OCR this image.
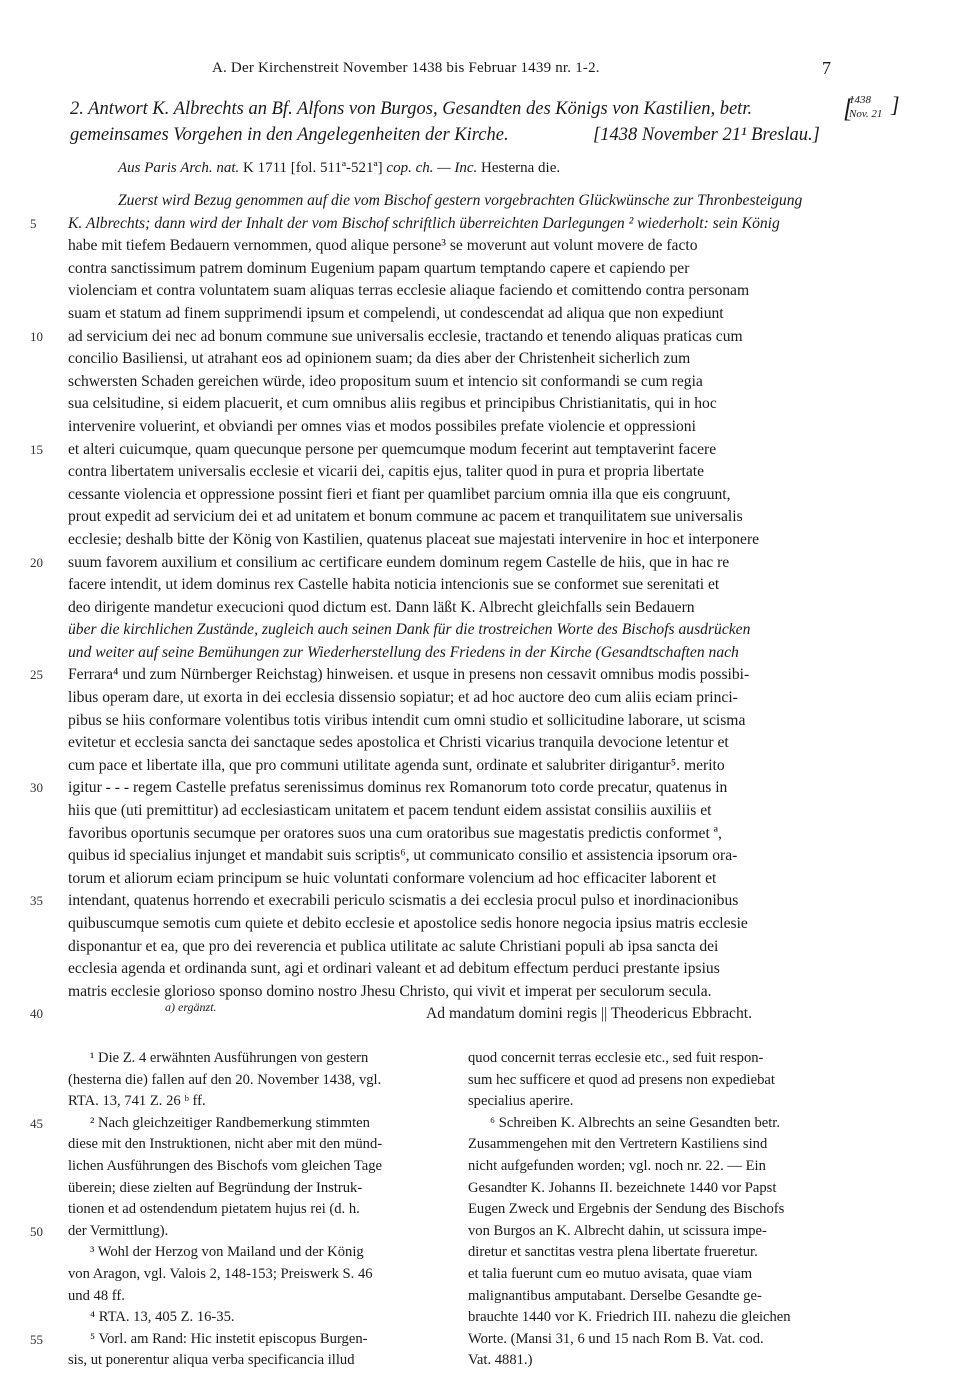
A. Der Kirchenstreit November 1438 bis Februar 1439 nr. 1-2.	7
2. Antwort K. Albrechts an Bf. Alfons von Burgos, Gesandten des Königs von Kastilien, betr.
gemeinsames Vorgehen in den Angelegenheiten der Kirche.	[1438 November 21¹ Breslau.]
[
1438
Nov. 21 ]
Aus Paris Arch. nat. K 1711 [fol. 511ª-521ª] cop. ch. — Inc. Hesterna die.
Zuerst wird Bezug genommen auf die vom Bischof gestern vorgebrachten Glückwünsche zur Thronbesteigung
5	K. Albrechts; dann wird der Inhalt der vom Bischof schriftlich überreichten Darlegungen ² wiederholt: sein König
habe mit tiefem Bedauern vernommen, quod alique persone³ se moverunt aut volunt movere de facto
contra sanctissimum patrem dominum Eugenium papam quartum temptando capere et capiendo per
violenciam et contra voluntatem suam aliquas terras ecclesie aliaque faciendo et comittendo contra personam
suam et statum ad finem supprimendi ipsum et compelendi, ut condescendat ad aliqua que non expediunt
10	ad servicium dei nec ad bonum commune sue universalis ecclesie, tractando et tenendo aliquas praticas cum
concilio Basiliensi, ut atrahant eos ad opinionem suam; da dies aber der Christenheit sicherlich zum
schwersten Schaden gereichen würde, ideo propositum suum et intencio sit conformandi se cum regia
sua celsitudine, si eidem placuerit, et cum omnibus aliis regibus et principibus Christianitatis, qui in hoc
intervenire voluerint, et obviandi per omnes vias et modos possibiles prefate violencie et oppressioni
15	et alteri cuicumque, quam quecunque persone per quemcumque modum fecerint aut temptaverint facere
contra libertatem universalis ecclesie et vicarii dei, capitis ejus, taliter quod in pura et propria libertate
cessante violencia et oppressione possint fieri et fiant per quamlibet parcium omnia illa que eis congruunt,
prout expedit ad servicium dei et ad unitatem et bonum commune ac pacem et tranquilitatem sue universalis
ecclesie; deshalb bitte der König von Kastilien, quatenus placeat sue majestati intervenire in hoc et interponere
20	suum favorem auxilium et consilium ac certificare eundem dominum regem Castelle de hiis, que in hac re
facere intendit, ut idem dominus rex Castelle habita noticia intencionis sue se conformet sue serenitati et
deo dirigente mandetur execucioni quod dictum est. Dann läßt K. Albrecht gleichfalls sein Bedauern
über die kirchlichen Zustände, zugleich auch seinen Dank für die trostreichen Worte des Bischofs ausdrücken
und weiter auf seine Bemühungen zur Wiederherstellung des Friedens in der Kirche (Gesandtschaften nach
25	Ferrara⁴ und zum Nürnberger Reichstag) hinweisen. et usque in presens non cessavit omnibus modis possibi-
libus operam dare, ut exorta in dei ecclesia dissensio sopiatur; et ad hoc auctore deo cum aliis eciam princi-
pibus se hiis conformare volentibus totis viribus intendit cum omni studio et sollicitudine laborare, ut scisma
evitetur et ecclesia sancta dei sanctaque sedes apostolica et Christi vicarius tranquila devocione letentur et
cum pace et libertate illa, que pro communi utilitate agenda sunt, ordinate et salubriter dirigantur⁵. merito
30	igitur - - - regem Castelle prefatus serenissimus dominus rex Romanorum toto corde precatur, quatenus in
hiis que (uti premittitur) ad ecclesiasticam unitatem et pacem tendunt eidem assistat consiliis auxiliis et
favoribus oportunis secumque per oratores suos una cum oratoribus sue magestatis predictis conformet ª,
quibus id specialius injunget et mandabit suis scriptis⁶, ut communicato consilio et assistencia ipsorum ora-
torum et aliorum eciam principum se huic voluntati conformare volencium ad hoc efficaciter laborent et
35	intendant, quatenus horrendo et execrabili periculo scismatis a dei ecclesia procul pulso et inordinacionibus
quibuscumque semotis cum quiete et debito ecclesie et apostolice sedis honore negocia ipsius matris ecclesie
disponantur et ea, que pro dei reverencia et publica utilitate ac salute Christiani populi ab ipsa sancta dei
ecclesia agenda et ordinanda sunt, agi et ordinari valeant et ad debitum effectum perduci prestante ipsius
matris ecclesie glorioso sponso domino nostro Jhesu Christo, qui vivit et imperat per seculorum secula.
40	Ad mandatum domini regis || Theodericus Ebbracht.
a) ergänzt.
¹ Die Z. 4 erwähnten Ausführungen von gestern
(hesterna die) fallen auf den 20. November 1438, vgl.
RTA. 13, 741 Z. 26 ᵇ ff.
45	² Nach gleichzeitiger Randbemerkung stimmten
diese mit den Instruktionen, nicht aber mit den münd-
lichen Ausführungen des Bischofs vom gleichen Tage
überein; diese zielten auf Begründung der Instruk-
tionen et ad ostendendum pietatem hujus rei (d. h.
50 der Vermittlung).
³ Wohl der Herzog von Mailand und der König
von Aragon, vgl. Valois 2, 148-153; Preiswerk S. 46
und 48 ff.
⁴ RTA. 13, 405 Z. 16-35.
55	⁵ Vorl. am Rand: Hic instetit episcopus Burgen-
sis, ut ponerentur aliqua verba specificancia illud
quod concernit terras ecclesie etc., sed fuit respon-
sum hec sufficere et quod ad presens non expediebat
specialius aperire.
⁶ Schreiben K. Albrechts an seine Gesandten betr.
Zusammengehen mit den Vertretern Kastiliens sind
nicht aufgefunden worden; vgl. noch nr. 22. — Ein
Gesandter K. Johanns II. bezeichnete 1440 vor Papst
Eugen Zweck und Ergebnis der Sendung des Bischofs
von Burgos an K. Albrecht dahin, ut scissura impe-
diretur et sanctitas vestra plena libertate frueretur.
et talia fuerunt cum eo mutuo avisata, quae viam
malignantibus amputabant. Derselbe Gesandte ge-
brauchte 1440 vor K. Friedrich III. nahezu die gleichen
Worte. (Mansi 31, 6 und 15 nach Rom B. Vat. cod.
Vat. 4881.)
